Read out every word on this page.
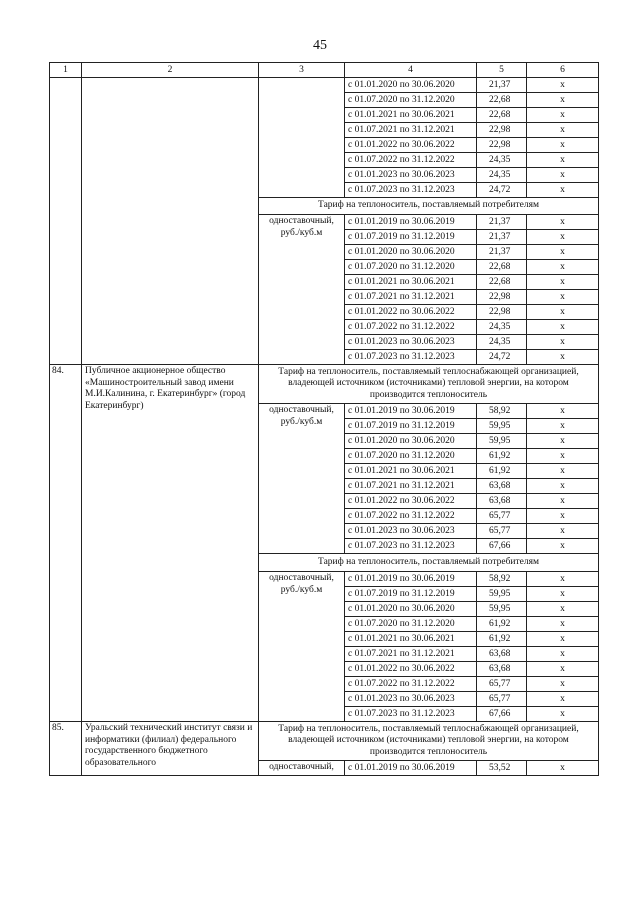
45
1	2	3	4	5	6
			с 01.01.2020 по 30.06.2020	21,37	x
			с 01.07.2020 по 31.12.2020	22,68	x
			с 01.01.2021 по 30.06.2021	22,68	x
			с 01.07.2021 по 31.12.2021	22,98	x
			с 01.01.2022 по 30.06.2022	22,98	x
			с 01.07.2022 по 31.12.2022	24,35	x
			с 01.01.2023 по 30.06.2023	24,35	x
			с 01.07.2023 по 31.12.2023	24,72	x
		Тариф на теплоноситель, поставляемый потребителям			
		одноставочный, руб./куб.м	с 01.01.2019 по 30.06.2019	21,37	x
			с 01.07.2019 по 31.12.2019	21,37	x
			с 01.01.2020 по 30.06.2020	21,37	x
			с 01.07.2020 по 31.12.2020	22,68	x
			с 01.01.2021 по 30.06.2021	22,68	x
			с 01.07.2021 по 31.12.2021	22,98	x
			с 01.01.2022 по 30.06.2022	22,98	x
			с 01.07.2022 по 31.12.2022	24,35	x
			с 01.01.2023 по 30.06.2023	24,35	x
			с 01.07.2023 по 31.12.2023	24,72	x
84.	Публичное акционерное общество «Машиностроительный завод имени М.И.Калинина, г. Екатеринбург» (город Екатеринбург)	Тариф на теплоноситель, поставляемый теплоснабжающей организацией, владеющей источником (источниками) тепловой энергии, на котором производится теплоноситель			
		одноставочный, руб./куб.м	с 01.01.2019 по 30.06.2019	58,92	x
			с 01.07.2019 по 31.12.2019	59,95	x
			с 01.01.2020 по 30.06.2020	59,95	x
			с 01.07.2020 по 31.12.2020	61,92	x
			с 01.01.2021 по 30.06.2021	61,92	x
			с 01.07.2021 по 31.12.2021	63,68	x
			с 01.01.2022 по 30.06.2022	63,68	x
			с 01.07.2022 по 31.12.2022	65,77	x
			с 01.01.2023 по 30.06.2023	65,77	x
			с 01.07.2023 по 31.12.2023	67,66	x
		Тариф на теплоноситель, поставляемый потребителям			
		одноставочный, руб./куб.м	с 01.01.2019 по 30.06.2019	58,92	x
			с 01.07.2019 по 31.12.2019	59,95	x
			с 01.01.2020 по 30.06.2020	59,95	x
			с 01.07.2020 по 31.12.2020	61,92	x
			с 01.01.2021 по 30.06.2021	61,92	x
			с 01.07.2021 по 31.12.2021	63,68	x
			с 01.01.2022 по 30.06.2022	63,68	x
			с 01.07.2022 по 31.12.2022	65,77	x
			с 01.01.2023 по 30.06.2023	65,77	x
			с 01.07.2023 по 31.12.2023	67,66	x
85.	Уральский технический институт связи и информатики (филиал) федерального государственного бюджетного образовательного	Тариф на теплоноситель, поставляемый теплоснабжающей организацией, владеющей источником (источниками) тепловой энергии, на котором производится теплоноситель			
		одноставочный,	с 01.01.2019 по 30.06.2019	53,52	x
